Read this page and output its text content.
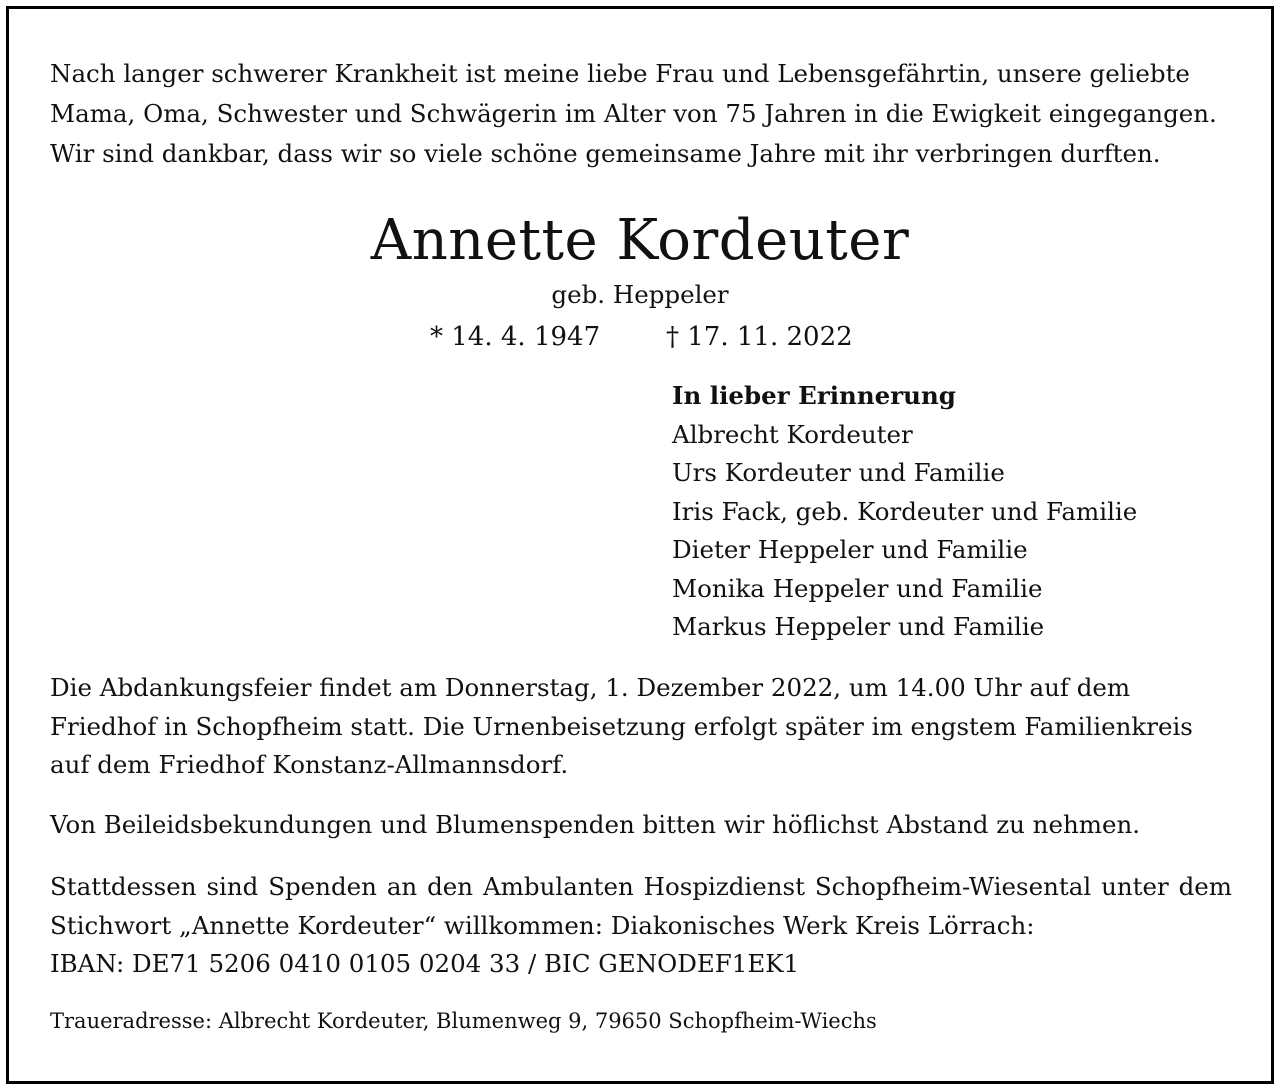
Nach langer schwerer Krankheit ist meine liebe Frau und Lebensgefährtin, unsere geliebte
Mama, Oma, Schwester und Schwägerin im Alter von 75 Jahren in die Ewigkeit eingegangen.
Wir sind dankbar, dass wir so viele schöne gemeinsame Jahre mit ihr verbringen durften.

Annette Kordeuter
geb. Heppeler
* 14. 4. 1947	† 17. 11. 2022
In lieber Erinnerung
Albrecht Kordeuter
Urs Kordeuter und Familie
Iris Fack, geb. Kordeuter und Familie
Dieter Heppeler und Familie
Monika Heppeler und Familie
Markus Heppeler und Familie

Die Abdankungsfeier findet am Donnerstag, 1. Dezember 2022, um 14.00 Uhr auf dem
Friedhof in Schopfheim statt. Die Urnenbeisetzung erfolgt später im engstem Familienkreis
auf dem Friedhof Konstanz-Allmannsdorf.

Von Beileidsbekundungen und Blumenspenden bitten wir höflichst Abstand zu nehmen.

Stattdessen sind Spenden an den Ambulanten Hospizdienst Schopfheim-Wiesental unter dem
Stichwort „Annette Kordeuter“ willkommen: Diakonisches Werk Kreis Lörrach:
IBAN: DE71 5206 0410 0105 0204 33 / BIC GENODEF1EK1

Traueradresse: Albrecht Kordeuter, Blumenweg 9, 79650 Schopfheim-Wiechs
